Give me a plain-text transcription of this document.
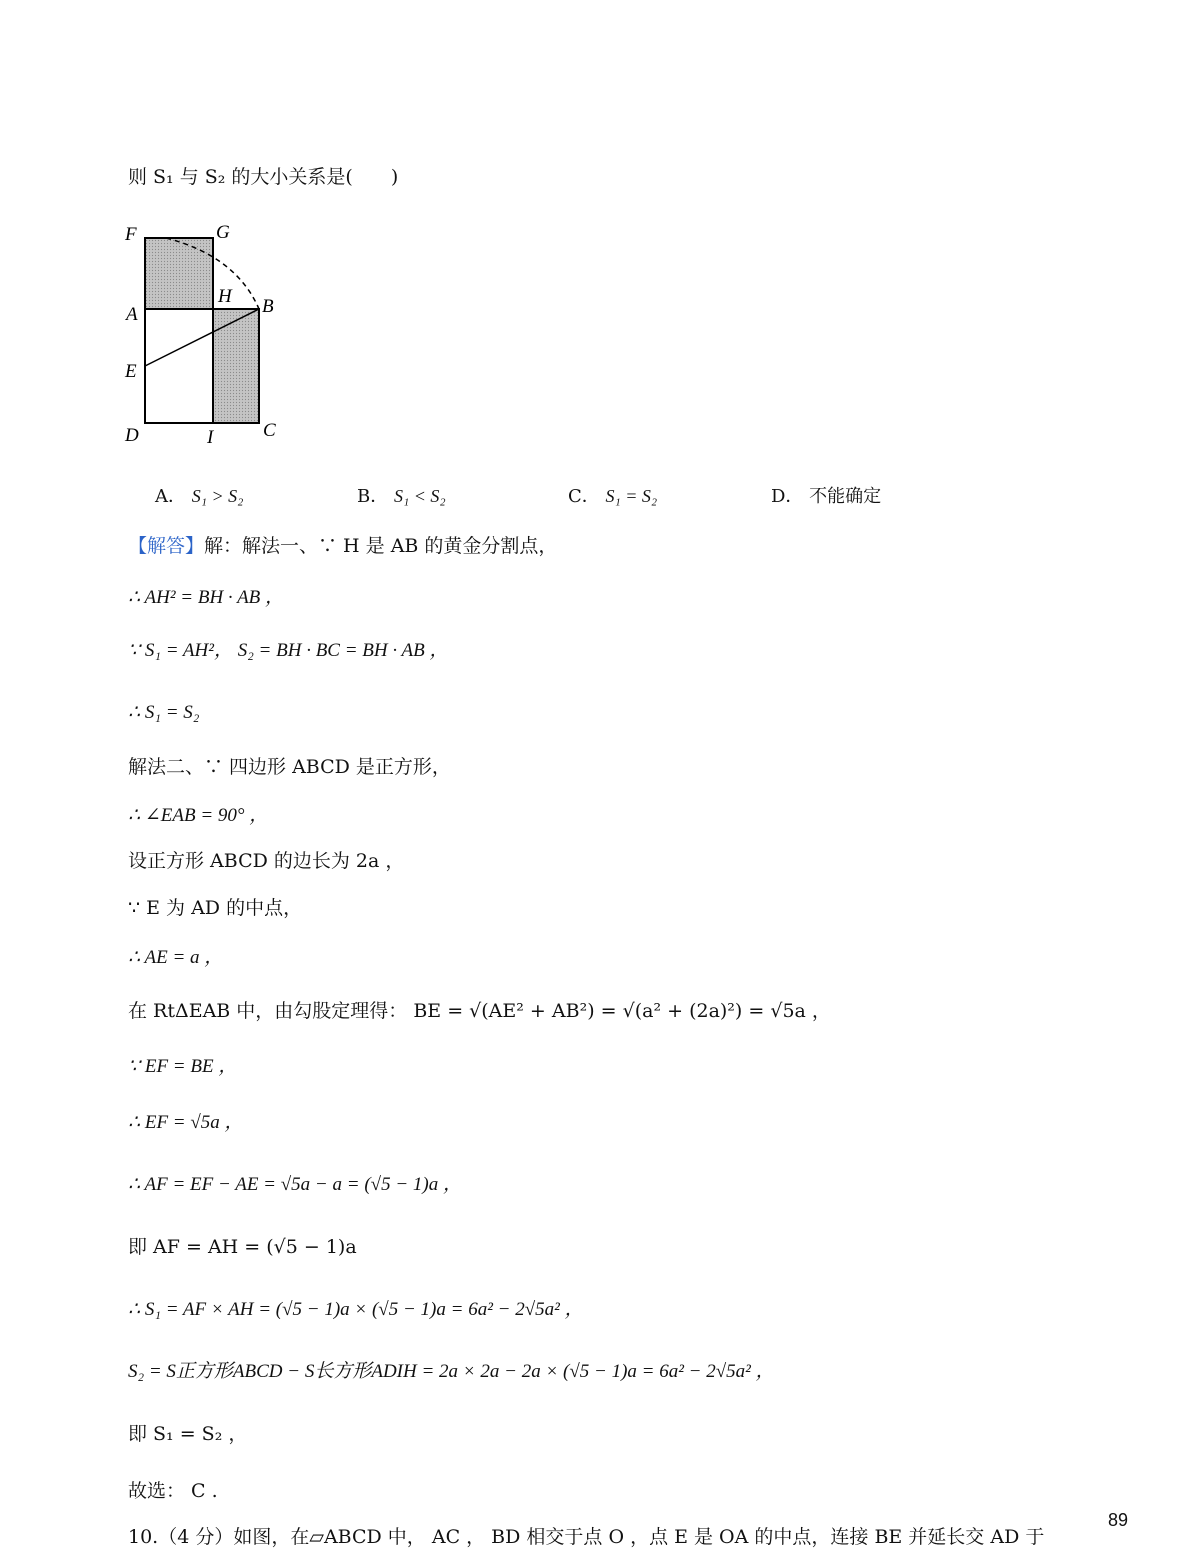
则 S₁ 与 S₂ 的大小关系是(　　)
F	G
H B
A
E
D	I	C
A． S₁ > S₂	B． S₁ < S₂	C． S₁ = S₂	D． 不能确定
【解答】解：解法一、∵ H 是 AB 的黄金分割点，
∴ AH² = BH · AB ，
∵ S₁ = AH²， S₂ = BH · BC = BH · AB ，
∴ S₁ = S₂
解法二、∵ 四边形 ABCD 是正方形，
∴ ∠EAB = 90° ，
设正方形 ABCD 的边长为 2a ，
∵ E 为 AD 的中点，
∴ AE = a ，
在 RtΔEAB 中，由勾股定理得： BE = √(AE² + AB²) = √(a² + (2a)²) = √5a ，
∵ EF = BE ，
∴ EF = √5a ，
∴ AF = EF − AE = √5a − a = (√5 − 1)a ，
即 AF = AH = (√5 − 1)a
∴ S₁ = AF × AH = (√5 − 1)a × (√5 − 1)a = 6a² − 2√5a² ，
S₂ = S正方形ABCD − S长方形ADIH = 2a × 2a − 2a × (√5 − 1)a = 6a² − 2√5a² ，
即 S₁ = S₂ ，
故选： C .
10.（4 分）如图，在▱ABCD 中， AC ， BD 相交于点 O ，点 E 是 OA 的中点，连接 BE 并延长交 AD 于
89
